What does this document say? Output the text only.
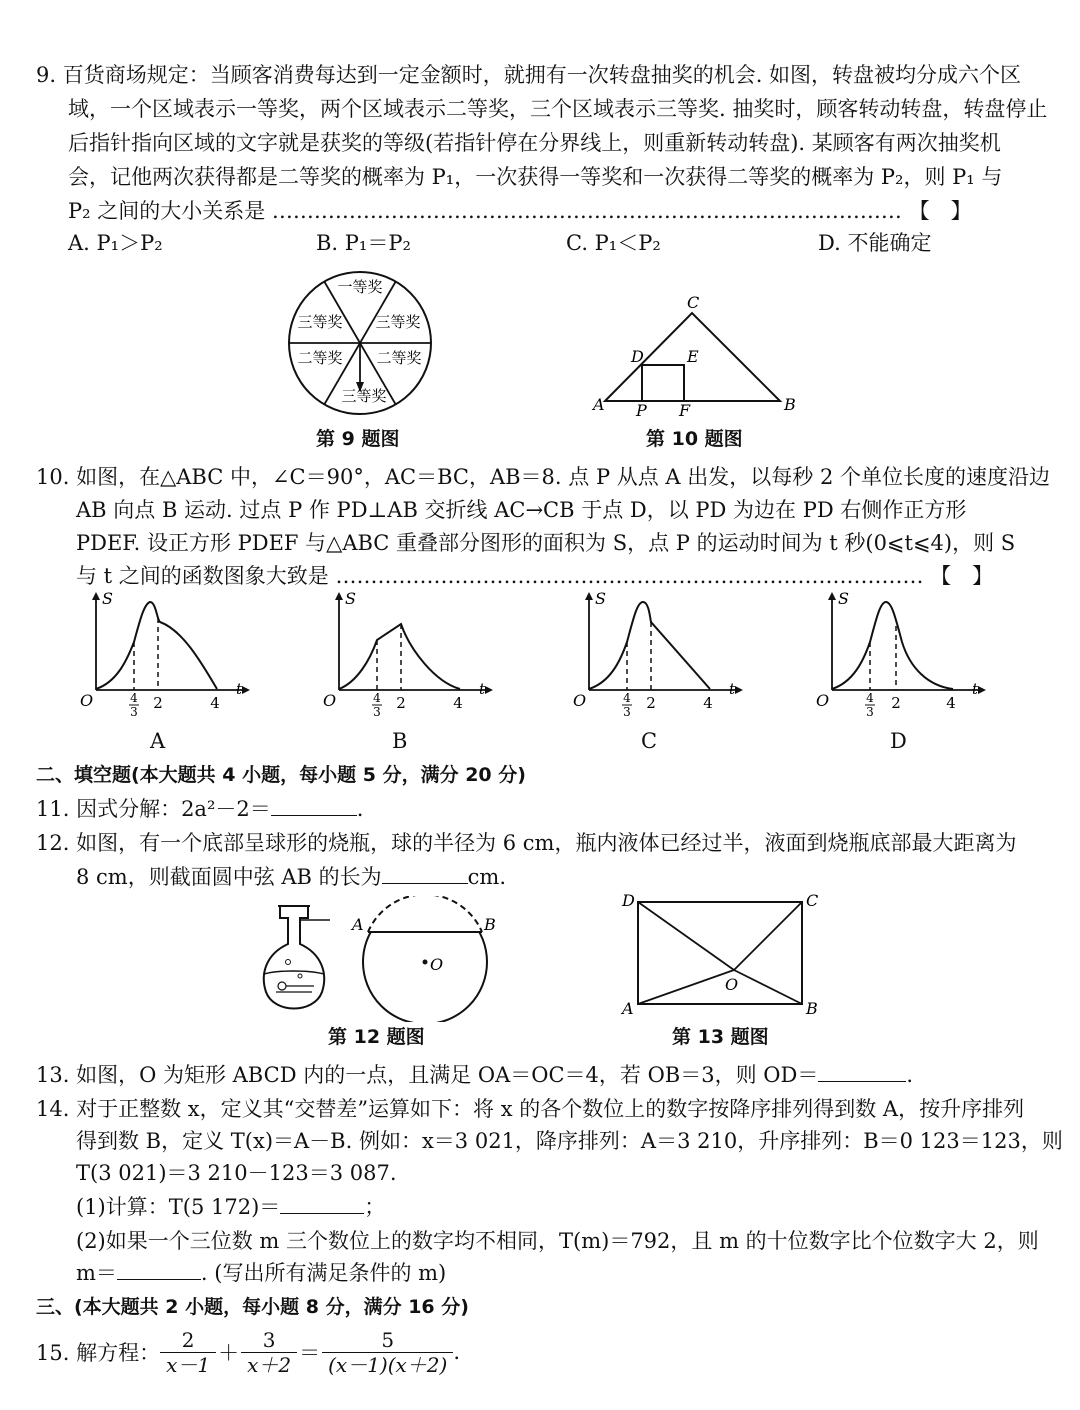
9. 百货商场规定：当顾客消费每达到一定金额时，就拥有一次转盘抽奖的机会. 如图，转盘被均分成六个区
域，一个区域表示一等奖，两个区域表示二等奖，三个区域表示三等奖. 抽奖时，顾客转动转盘，转盘停止
后指针指向区域的文字就是获奖的等级(若指针停在分界线上，则重新转动转盘). 某顾客有两次抽奖机
会，记他两次获得都是二等奖的概率为 P₁，一次获得一等奖和一次获得二等奖的概率为 P₂，则 P₁ 与
P₂ 之间的大小关系是 ……………………………………………………………………………… 【　】
A. P₁＞P₂	B. P₁＝P₂	C. P₁＜P₂	D. 不能确定
一等奖
三等奖
三等奖
二等奖 二等奖
三等奖
第 9 题图
C
D	E
A P F	B
第 10 题图
10. 如图，在△ABC 中，∠C＝90°，AC＝BC，AB＝8. 点 P 从点 A 出发，以每秒 2 个单位长度的速度沿边
AB 向点 B 运动. 过点 P 作 PD⊥AB 交折线 AC→CB 于点 D，以 PD 为边在 PD 右侧作正方形
PDEF. 设正方形 PDEF 与△ABC 重叠部分图形的面积为 S，点 P 的运动时间为 t 秒(0⩽t⩽4)，则 S
与 t 之间的函数图象大致是 ………………………………………………………………………… 【　】
S
t
O	4
3 2	4
A
S
t
O	4
3 2	4
B
S
t
O	4
3 2	4
C
S
t
O	4
3 2	4
D
二、填空题(本大题共 4 小题，每小题 5 分，满分 20 分)
11. 因式分解：2a²－2＝	.
12. 如图，有一个底部呈球形的烧瓶，球的半径为 6 cm，瓶内液体已经过半，液面到烧瓶底部最大距离为
8 cm，则截面圆中弦 AB 的长为	cm.
A	B
O
第 12 题图
D	C
A	B
O
第 13 题图
13. 如图，O 为矩形 ABCD 内的一点，且满足 OA＝OC＝4，若 OB＝3，则 OD＝	.
14. 对于正整数 x，定义其“交替差”运算如下：将 x 的各个数位上的数字按降序排列得到数 A，按升序排列
得到数 B，定义 T(x)＝A－B. 例如：x＝3 021，降序排列：A＝3 210，升序排列：B＝0 123＝123，则
T(3 021)＝3 210－123＝3 087.
(1)计算：T(5 172)＝	；
(2)如果一个三位数 m 三个数位上的数字均不相同，T(m)＝792，且 m 的十位数字比个位数字大 2，则
m＝	. (写出所有满足条件的 m)
三、(本大题共 2 小题，每小题 8 分，满分 16 分)
15. 解方程： $\frac{2}{x-1} + \frac{3}{x+2} = \frac{5}{(x-1)(x+2)}$ .
